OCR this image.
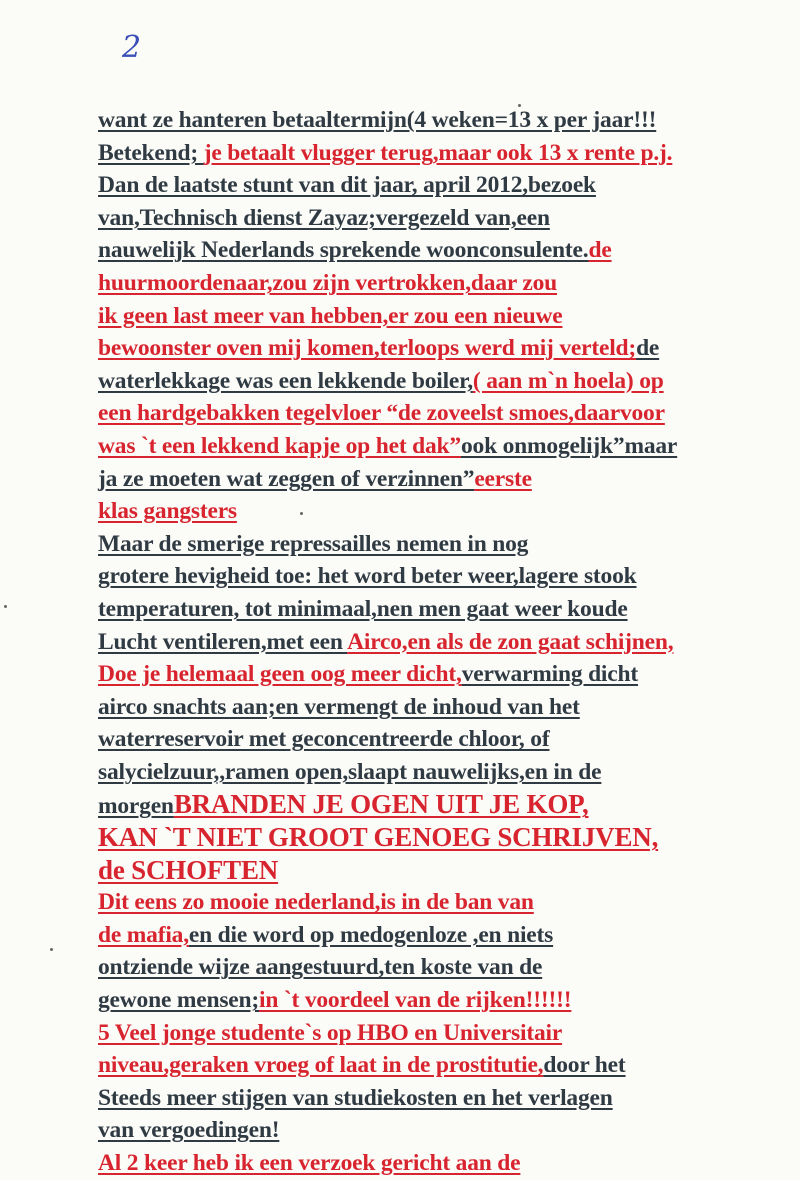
2
want ze hanteren betaaltermijn(4 weken=13 x per jaar!!!
Betekend; je betaalt vlugger terug,maar ook 13 x rente p.j.
Dan de laatste stunt van dit jaar, april 2012,bezoek
van,Technisch dienst Zayaz;vergezeld van,een
nauwelijk Nederlands sprekende woonconsulente.de
huurmoordenaar,zou zijn vertrokken,daar zou
ik geen last meer van hebben,er zou een nieuwe
bewoonster oven mij komen,terloops werd mij verteld;de
waterlekkage was een lekkende boiler,( aan m`n hoela) op
een hardgebakken tegelvloer “de zoveelst smoes,daarvoor
was `t een lekkend kapje op het dak”ook onmogelijk”maar
ja ze moeten wat zeggen of verzinnen”eerste
klas gangsters
Maar de smerige repressailles nemen in nog
grotere hevigheid toe: het word beter weer,lagere stook
temperaturen, tot minimaal,nen men gaat weer koude
Lucht ventileren,met een Airco,en als de zon gaat schijnen,
Doe je helemaal geen oog meer dicht,verwarming dicht
airco snachts aan;en vermengt de inhoud van het
waterreservoir met geconcentreerde chloor, of
salycielzuur,,ramen open,slaapt nauwelijks,en in de
morgenBRANDEN JE OGEN UIT JE KOP,
KAN `T NIET GROOT GENOEG SCHRIJVEN,
de SCHOFTEN
Dit eens zo mooie nederland,is in de ban van
de mafia,en die word op medogenloze ,en niets
ontziende wijze aangestuurd,ten koste van de
gewone mensen;in `t voordeel van de rijken!!!!!!
5 Veel jonge studente`s op HBO en Universitair
niveau,geraken vroeg of laat in de prostitutie,door het
Steeds meer stijgen van studiekosten en het verlagen
van vergoedingen!
Al 2 keer heb ik een verzoek gericht aan de
